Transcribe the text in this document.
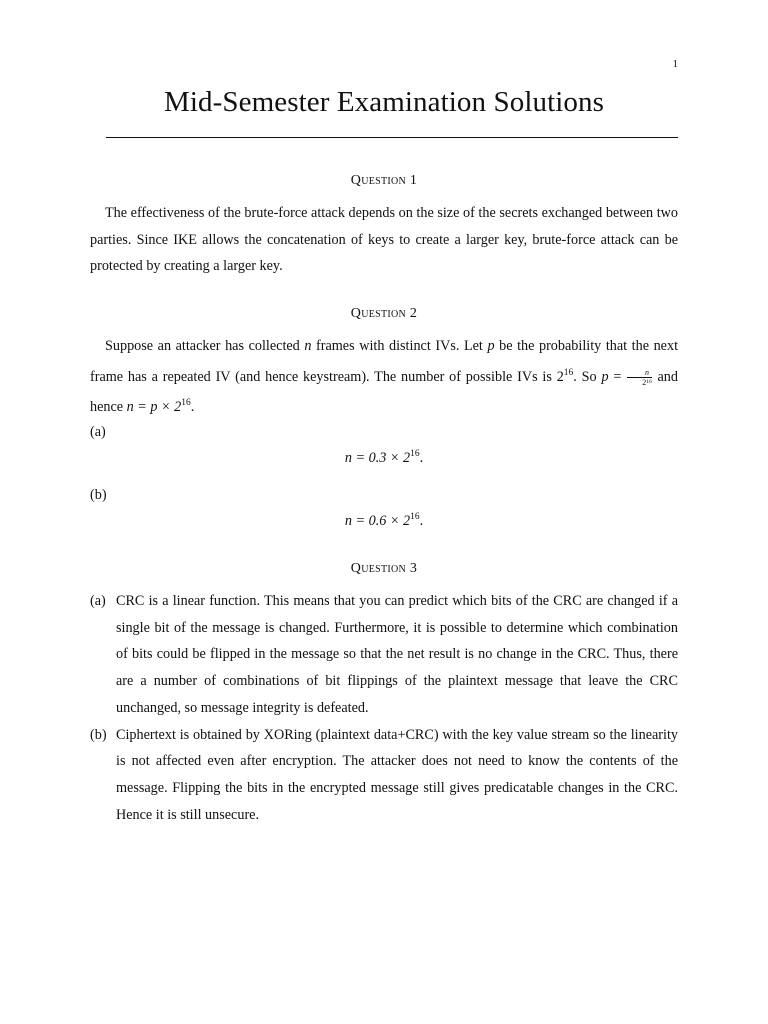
1
Mid-Semester Examination Solutions
Question 1

The effectiveness of the brute-force attack depends on the size of the secrets exchanged between two parties. Since IKE allows the concatenation of keys to create a larger key, brute-force attack can be protected by creating a larger key.

Question 2

Suppose an attacker has collected n frames with distinct IVs. Let p be the probability that the next frame has a repeated IV (and hence keystream). The number of possible IVs is $2^{16}$. So $p = \frac{n}{2^{16}}$ and hence $n = p \times 2^{16}$.

(a)
$n = 0.3 \times 2^{16}$.
(b)
$n = 0.6 \times 2^{16}$.
Question 3
(a) CRC is a linear function. This means that you can predict which bits of the CRC are changed if a single bit of the message is changed. Furthermore, it is possible to determine which combination of bits could be flipped in the message so that the net result is no change in the CRC. Thus, there are a number of combinations of bit flippings of the plaintext message that leave the CRC unchanged, so message integrity is defeated.
(b) Ciphertext is obtained by XORing (plaintext data+CRC) with the key value stream so the linearity is not affected even after encryption. The attacker does not need to know the contents of the message. Flipping the bits in the encrypted message still gives predicatable changes in the CRC. Hence it is still unsecure.
